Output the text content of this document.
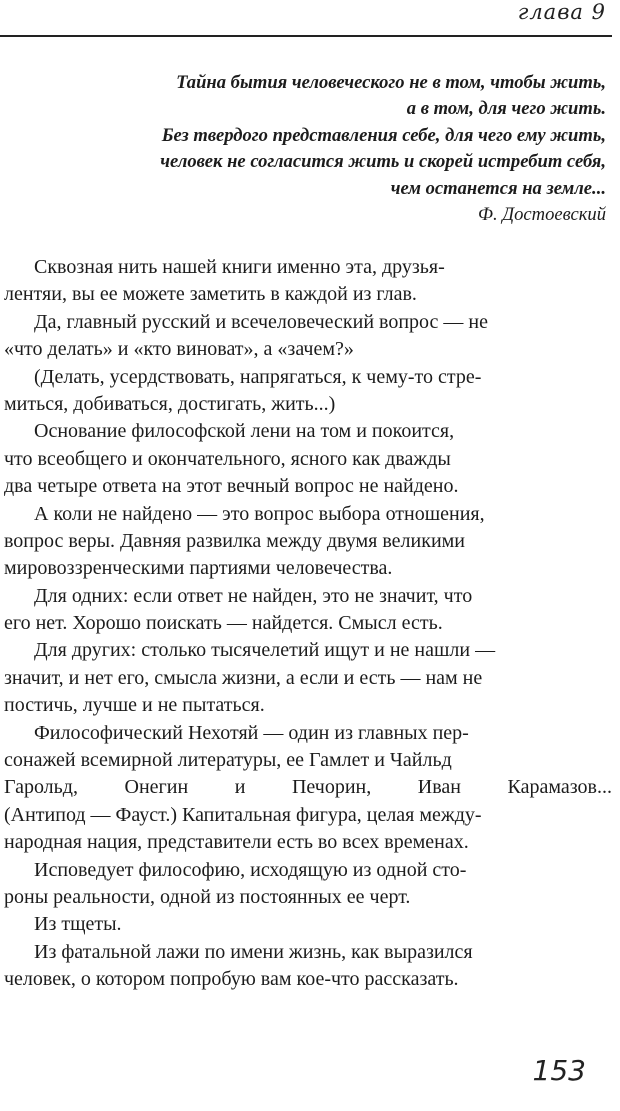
глава 9
Тайна бытия человеческого не в том, чтобы жить,
а в том, для чего жить.
Без твердого представления себе, для чего ему жить,
человек не согласится жить и скорей истребит себя,
чем останется на земле...
Ф. Достоевский
Сквозная нить нашей книги именно эта, друзья-
лентяи, вы ее можете заметить в каждой из глав.
Да, главный русский и всечеловеческий вопрос — не
«что делать» и «кто виноват», а «зачем?»
(Делать, усердствовать, напрягаться, к чему-то стре-
миться, добиваться, достигать, жить...)
Основание философской лени на том и покоится,
что всеобщего и окончательного, ясного как дважды
два четыре ответа на этот вечный вопрос не найдено.
А коли не найдено — это вопрос выбора отношения,
вопрос веры. Давняя развилка между двумя великими
мировоззренческими партиями человечества.
Для одних: если ответ не найден, это не значит, что
его нет. Хорошо поискать — найдется. Смысл есть.
Для других: столько тысячелетий ищут и не нашли —
значит, и нет его, смысла жизни, а если и есть — нам не
постичь, лучше и не пытаться.
Философический Нехотяй — один из главных пер-
сонажей всемирной литературы, ее Гамлет и Чайльд
Гарольд, Онегин и Печорин, Иван Карамазов...
(Антипод — Фауст.) Капитальная фигура, целая между-
народная нация, представители есть во всех временах.
Исповедует философию, исходящую из одной сто-
роны реальности, одной из постоянных ее черт.
Из тщеты.
Из фатальной лажи по имени жизнь, как выразился
человек, о котором попробую вам кое-что рассказать.
153
